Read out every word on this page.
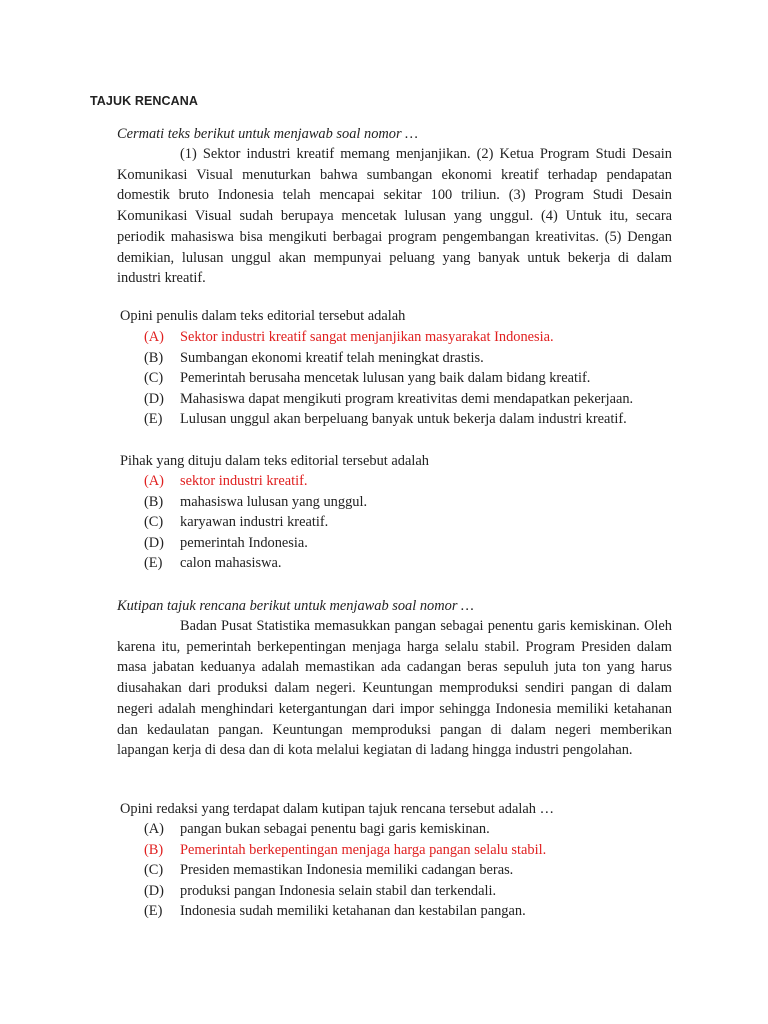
TAJUK RENCANA
Cermati teks berikut untuk menjawab soal nomor …

(1) Sektor industri kreatif memang menjanjikan. (2) Ketua Program Studi Desain Komunikasi Visual menuturkan bahwa sumbangan ekonomi kreatif terhadap pendapatan domestik bruto Indonesia telah mencapai sekitar 100 triliun. (3) Program Studi Desain Komunikasi Visual sudah berupaya mencetak lulusan yang unggul. (4) Untuk itu, secara periodik mahasiswa bisa mengikuti berbagai program pengembangan kreativitas. (5) Dengan demikian, lulusan unggul akan mempunyai peluang yang banyak untuk bekerja di dalam industri kreatif.

Opini penulis dalam teks editorial tersebut adalah
(A) Sektor industri kreatif sangat menjanjikan masyarakat Indonesia.
(B) Sumbangan ekonomi kreatif telah meningkat drastis.
(C) Pemerintah berusaha mencetak lulusan yang baik dalam bidang kreatif.
(D) Mahasiswa dapat mengikuti program kreativitas demi mendapatkan pekerjaan.
(E) Lulusan unggul akan berpeluang banyak untuk bekerja dalam industri kreatif.
Pihak yang dituju dalam teks editorial tersebut adalah
(A) sektor industri kreatif.
(B) mahasiswa lulusan yang unggul.
(C) karyawan industri kreatif.
(D) pemerintah Indonesia.
(E) calon mahasiswa.
Kutipan tajuk rencana berikut untuk menjawab soal nomor …

Badan Pusat Statistika memasukkan pangan sebagai penentu garis kemiskinan. Oleh karena itu, pemerintah berkepentingan menjaga harga selalu stabil. Program Presiden dalam masa jabatan keduanya adalah memastikan ada cadangan beras sepuluh juta ton yang harus diusahakan dari produksi dalam negeri. Keuntungan memproduksi sendiri pangan di dalam negeri adalah menghindari ketergantungan dari impor sehingga Indonesia memiliki ketahanan dan kedaulatan pangan. Keuntungan memproduksi pangan di dalam negeri memberikan lapangan kerja di desa dan di kota melalui kegiatan di ladang hingga industri pengolahan.

Opini redaksi yang terdapat dalam kutipan tajuk rencana tersebut adalah …
(A) pangan bukan sebagai penentu bagi garis kemiskinan.
(B) Pemerintah berkepentingan menjaga harga pangan selalu stabil.
(C) Presiden memastikan Indonesia memiliki cadangan beras.
(D) produksi pangan Indonesia selain stabil dan terkendali.
(E) Indonesia sudah memiliki ketahanan dan kestabilan pangan.
